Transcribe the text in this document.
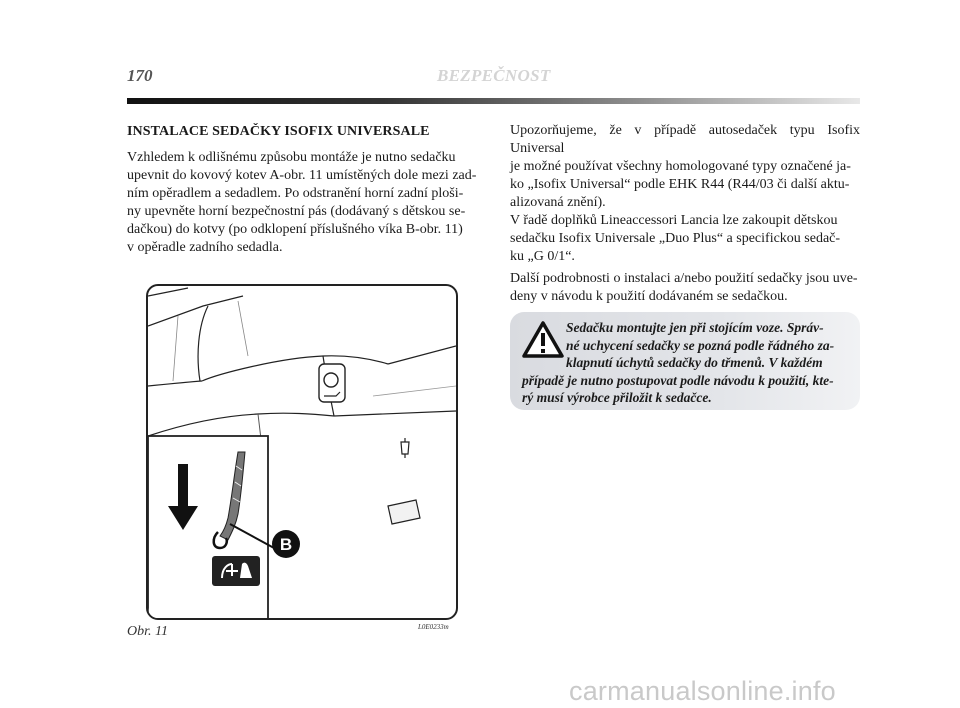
170	BEZPEČNOST
INSTALACE SEDAČKY ISOFIX UNIVERSALE

Vzhledem k odlišnému způsobu montáže je nutno sedačku
upevnit do kovový kotev A-obr. 11 umístěných dole mezi zad-
ním opěradlem a sedadlem. Po odstranění horní zadní ploši-
ny upevněte horní bezpečnostní pás (dodávaný s dětskou se-
dačkou) do kotvy (po odklopení příslušného víka B-obr. 11)
v opěradle zadního sedadla.

Upozorňujeme, že v případě autosedaček typu Isofix Universal
je možné používat všechny homologované typy označené ja-
ko „Isofix Universal“ podle EHK R44 (R44/03 či další aktu-
alizovaná znění).
V řadě doplňků Lineaccessori Lancia lze zakoupit dětskou
sedačku Isofix Universale „Duo Plus“ a specifickou sedač-
ku „G 0/1“.

Další podrobnosti o instalaci a/nebo použití sedačky jsou uve-
deny v návodu k použití dodávaném se sedačkou.

B
Obr. 11	L0E0233m
Sedačku montujte jen při stojícím voze. Správ-
né uchycení sedačky se pozná podle řádného za-
klapnutí úchytů sedačky do třmenů. V každém
případě je nutno postupovat podle návodu k použití, kte-
rý musí výrobce přiložit k sedačce.
carmanualsonline.info
